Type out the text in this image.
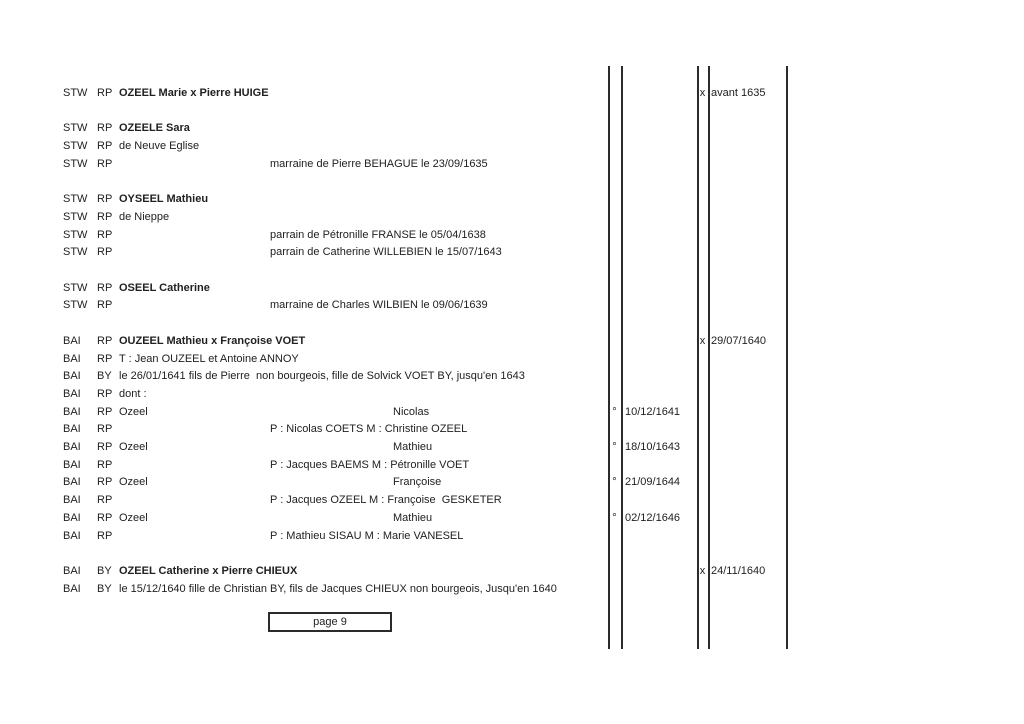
STW RP OZEEL Marie x Pierre HUIGE	x avant 1635
STW RP OZEELE Sara
STW RP de Neuve Eglise
STW RP	marraine de Pierre BEHAGUE le 23/09/1635
STW RP OYSEEL Mathieu
STW RP de Nieppe
STW RP	parrain de Pétronille FRANSE le 05/04/1638
STW RP	parrain de Catherine WILLEBIEN le 15/07/1643
STW RP OSEEL Catherine
STW RP	marraine de Charles WILBIEN le 09/06/1639
BAI RP OUZEEL Mathieu x Françoise VOET	x 29/07/1640
BAI RP T : Jean OUZEEL et Antoine ANNOY
BAI BY le 26/01/1641 fils de Pierre  non bourgeois, fille de Solvick VOET BY, jusqu'en 1643
BAI RP dont :
BAI RP Ozeel	Nicolas	° 10/12/1641
BAI RP	P : Nicolas COETS M : Christine OZEEL
BAI RP Ozeel	Mathieu	° 18/10/1643
BAI RP	P : Jacques BAEMS M : Pétronille VOET
BAI RP Ozeel	Françoise	° 21/09/1644
BAI RP	P : Jacques OZEEL M : Françoise  GESKETER
BAI RP Ozeel	Mathieu	° 02/12/1646
BAI RP	P : Mathieu SISAU M : Marie VANESEL
BAI BY OZEEL Catherine x Pierre CHIEUX	x 24/11/1640
BAI BY le 15/12/1640 fille de Christian BY, fils de Jacques CHIEUX non bourgeois, Jusqu'en 1640
page 9
